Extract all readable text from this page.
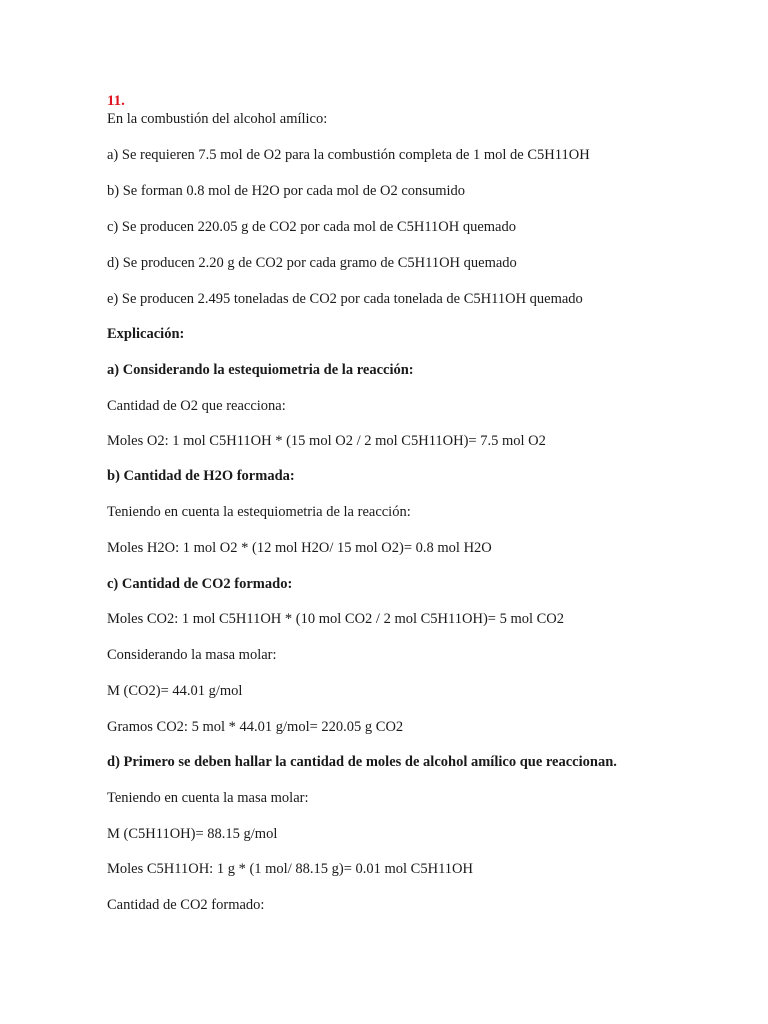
11.
En la combustión del alcohol amílico:
a) Se requieren 7.5 mol de O2 para la combustión completa de 1 mol de C5H11OH
b) Se forman 0.8 mol de H2O por cada mol de O2 consumido
c) Se producen 220.05 g de CO2 por cada mol de C5H11OH quemado
d) Se producen 2.20 g de CO2 por cada gramo de C5H11OH quemado
e) Se producen 2.495 toneladas de CO2 por cada tonelada de C5H11OH quemado
Explicación:
a) Considerando la estequiometria de la reacción:
Cantidad de O2 que reacciona:
Moles O2: 1 mol C5H11OH * (15 mol O2 / 2 mol C5H11OH)= 7.5 mol O2
b) Cantidad de H2O formada:
Teniendo en cuenta la estequiometria de la reacción:
Moles H2O: 1 mol O2 * (12 mol H2O/ 15 mol O2)= 0.8 mol H2O
c) Cantidad de CO2 formado:
Moles CO2: 1 mol C5H11OH * (10 mol CO2 / 2 mol C5H11OH)= 5 mol CO2
Considerando la masa molar:
M (CO2)= 44.01 g/mol
Gramos CO2: 5 mol * 44.01 g/mol= 220.05 g CO2
d) Primero se deben hallar la cantidad de moles de alcohol amílico que reaccionan.
Teniendo en cuenta la masa molar:
M (C5H11OH)= 88.15 g/mol
Moles C5H11OH: 1 g * (1 mol/ 88.15 g)= 0.01 mol C5H11OH
Cantidad de CO2 formado:
